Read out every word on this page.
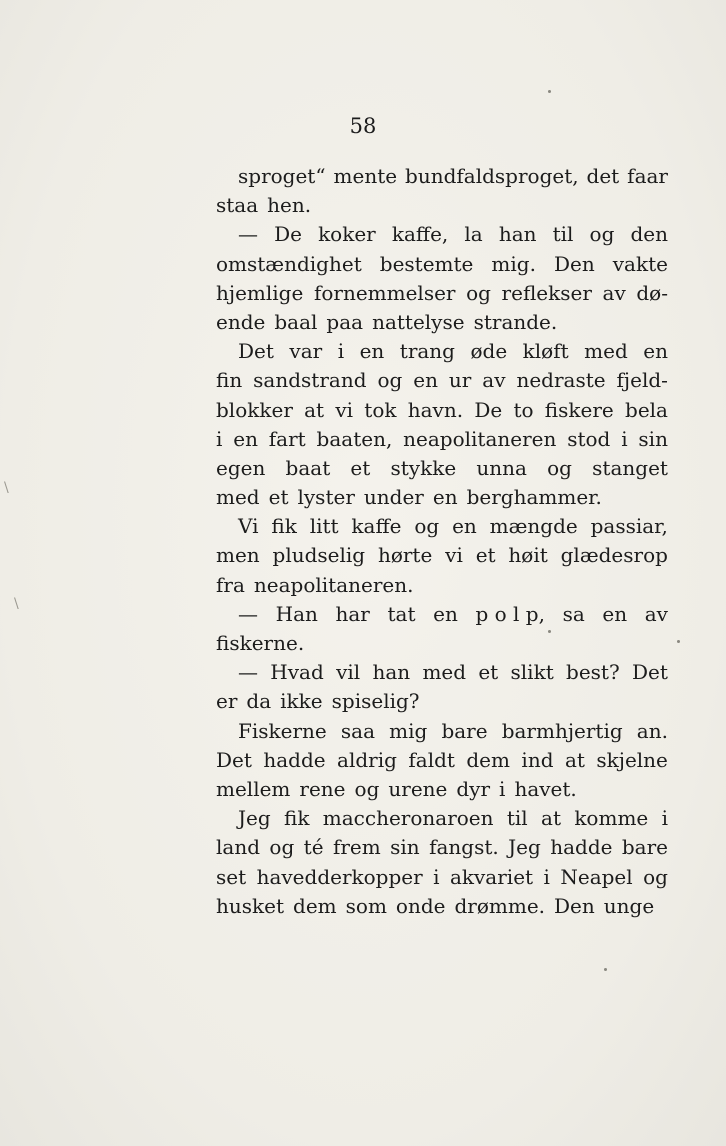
58
sproget“ mente bundfaldsproget, det faar
staa hen.
— De koker kaffe, la han til og den
omstændighet bestemte mig. Den vakte
hjemlige fornemmelser og reflekser av dø-
ende baal paa nattelyse strande.
Det var i en trang øde kløft med en
fin sandstrand og en ur av nedraste fjeld-
blokker at vi tok havn. De to fiskere bela
i en fart baaten, neapolitaneren stod i sin
egen baat et stykke unna og stanget
med et lyster under en berghammer.
Vi fik litt kaffe og en mængde passiar,
men pludselig hørte vi et høit glædesrop
fra neapolitaneren.
— Han har tat en p o l p, sa en av
fiskerne.
— Hvad vil han med et slikt best? Det
er da ikke spiselig?
Fiskerne saa mig bare barmhjertig an.
Det hadde aldrig faldt dem ind at skjelne
mellem rene og urene dyr i havet.
Jeg fik maccheronaroen til at komme i
land og té frem sin fangst. Jeg hadde bare
set havedderkopper i akvariet i Neapel og
husket dem som onde drømme. Den unge
\
\
